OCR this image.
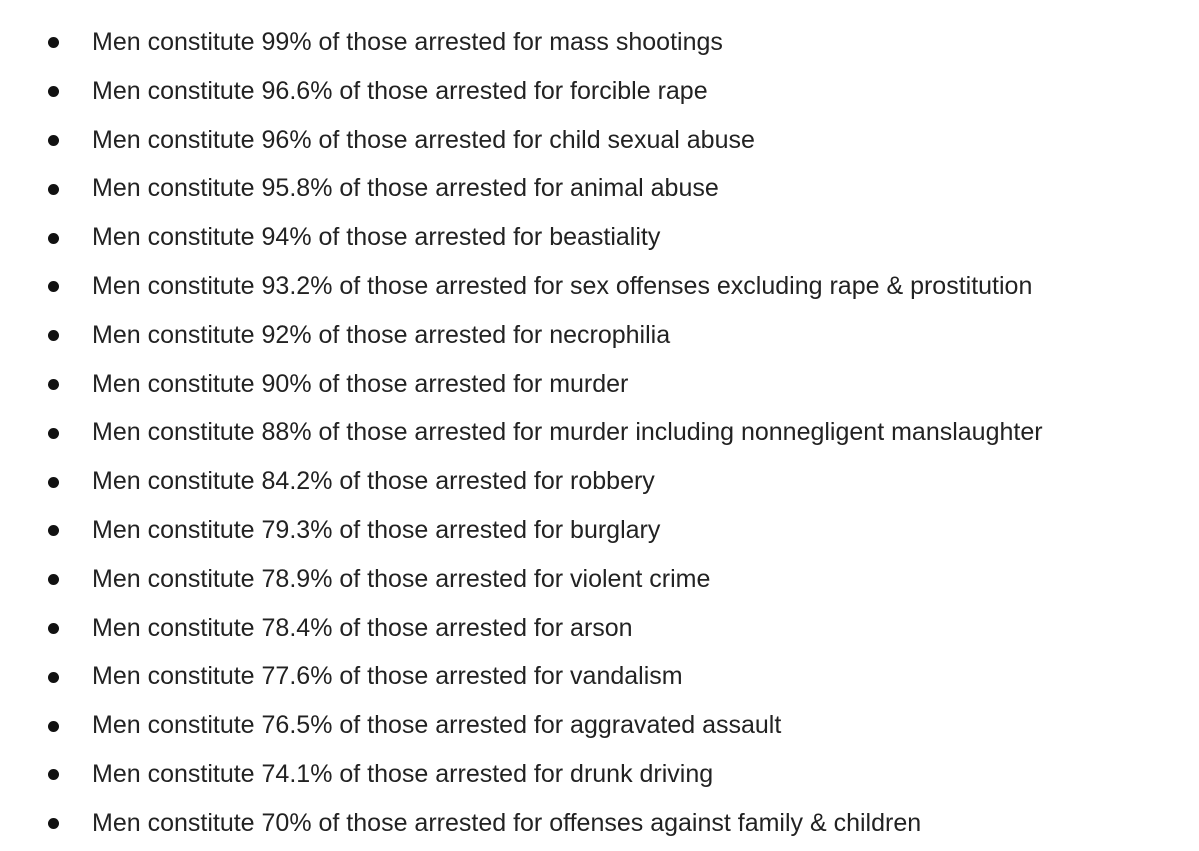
Men constitute 99% of those arrested for mass shootings
Men constitute 96.6% of those arrested for forcible rape
Men constitute 96% of those arrested for child sexual abuse
Men constitute 95.8% of those arrested for animal abuse
Men constitute 94% of those arrested for beastiality
Men constitute 93.2% of those arrested for sex offenses excluding rape & prostitution
Men constitute 92% of those arrested for necrophilia
Men constitute 90% of those arrested for murder
Men constitute 88% of those arrested for murder including nonnegligent manslaughter
Men constitute 84.2% of those arrested for robbery
Men constitute 79.3% of those arrested for burglary
Men constitute 78.9% of those arrested for violent crime
Men constitute 78.4% of those arrested for arson
Men constitute 77.6% of those arrested for vandalism
Men constitute 76.5% of those arrested for aggravated assault
Men constitute 74.1% of those arrested for drunk driving
Men constitute 70% of those arrested for offenses against family & children
